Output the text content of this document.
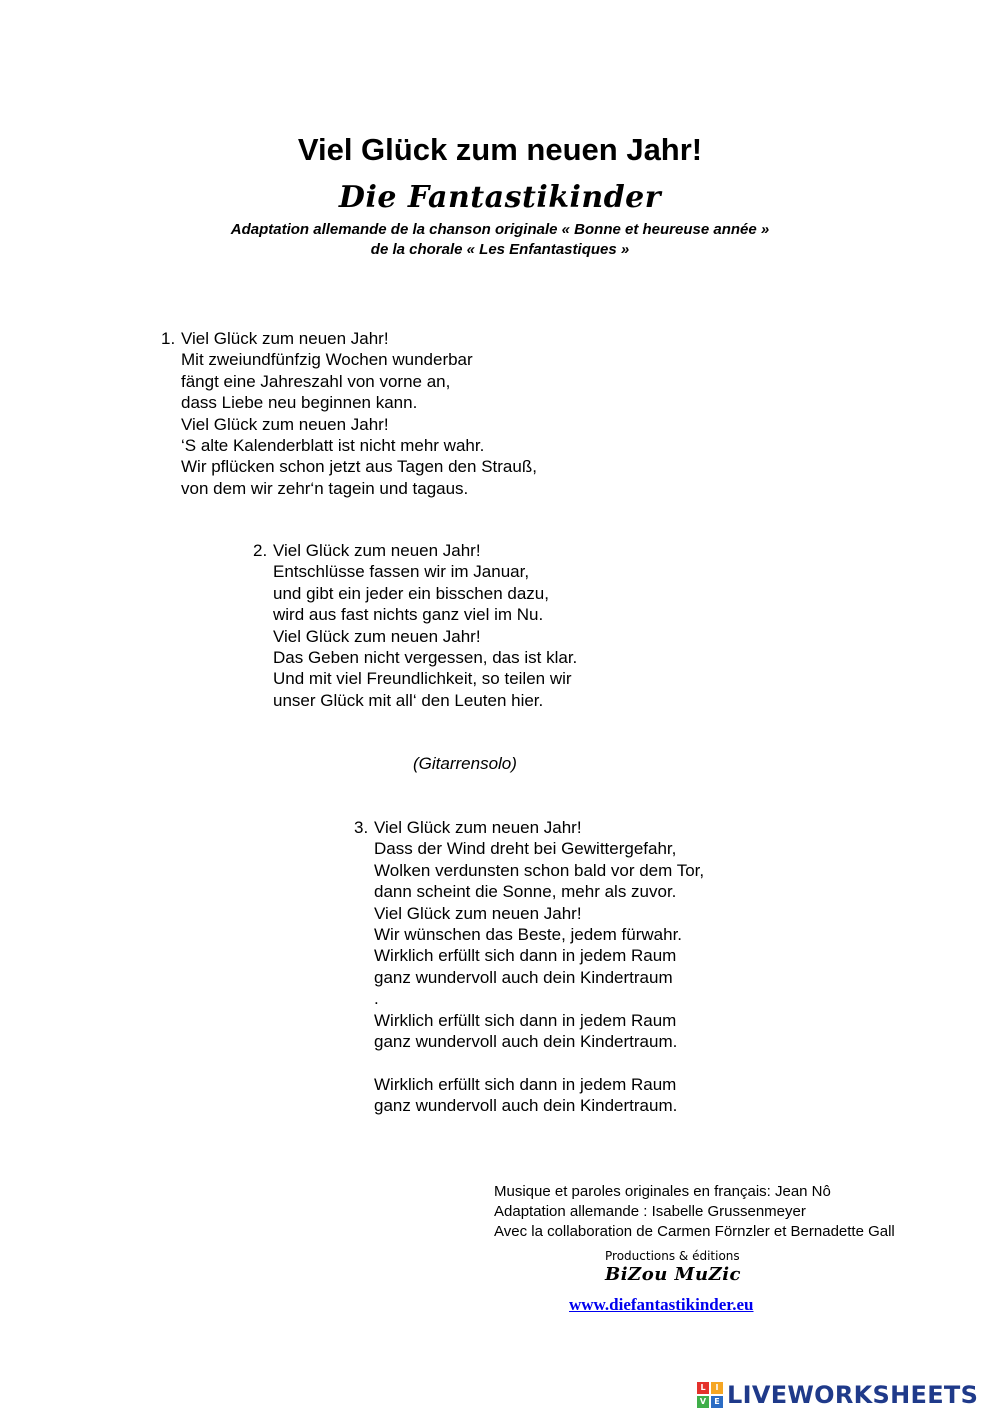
Viel Glück zum neuen Jahr!
Die Fantastikinder
Adaptation allemande de la chanson originale « Bonne et heureuse année »
de la chorale « Les Enfantastiques »
1. Viel Glück zum neuen Jahr!
Mit zweiundfünfzig Wochen wunderbar
fängt eine Jahreszahl von vorne an,
dass Liebe neu beginnen kann.
Viel Glück zum neuen Jahr!
‘S alte Kalenderblatt ist nicht mehr wahr.
Wir pflücken schon jetzt aus Tagen den Strauß,
von dem wir zehr‘n tagein und tagaus.
2. Viel Glück zum neuen Jahr!
Entschlüsse fassen wir im Januar,
und gibt ein jeder ein bisschen dazu,
wird aus fast nichts ganz viel im Nu.
Viel Glück zum neuen Jahr!
Das Geben nicht vergessen, das ist klar.
Und mit viel Freundlichkeit, so teilen wir
unser Glück mit all‘ den Leuten hier.
(Gitarrensolo)
3. Viel Glück zum neuen Jahr!
Dass der Wind dreht bei Gewittergefahr,
Wolken verdunsten schon bald vor dem Tor,
dann scheint die Sonne, mehr als zuvor.
Viel Glück zum neuen Jahr!
Wir wünschen das Beste, jedem fürwahr.
Wirklich erfüllt sich dann in jedem Raum
ganz wundervoll auch dein Kindertraum
.
Wirklich erfüllt sich dann in jedem Raum
ganz wundervoll auch dein Kindertraum.

Wirklich erfüllt sich dann in jedem Raum
ganz wundervoll auch dein Kindertraum.
Musique et paroles originales en français: Jean Nô
Adaptation allemande : Isabelle Grussenmeyer
Avec la collaboration de Carmen Förnzler et Bernadette Gall
Productions & éditions
BiZou MuZic
www.diefantastikinder.eu
L	I
V	E LIVEWORKSHEETS
